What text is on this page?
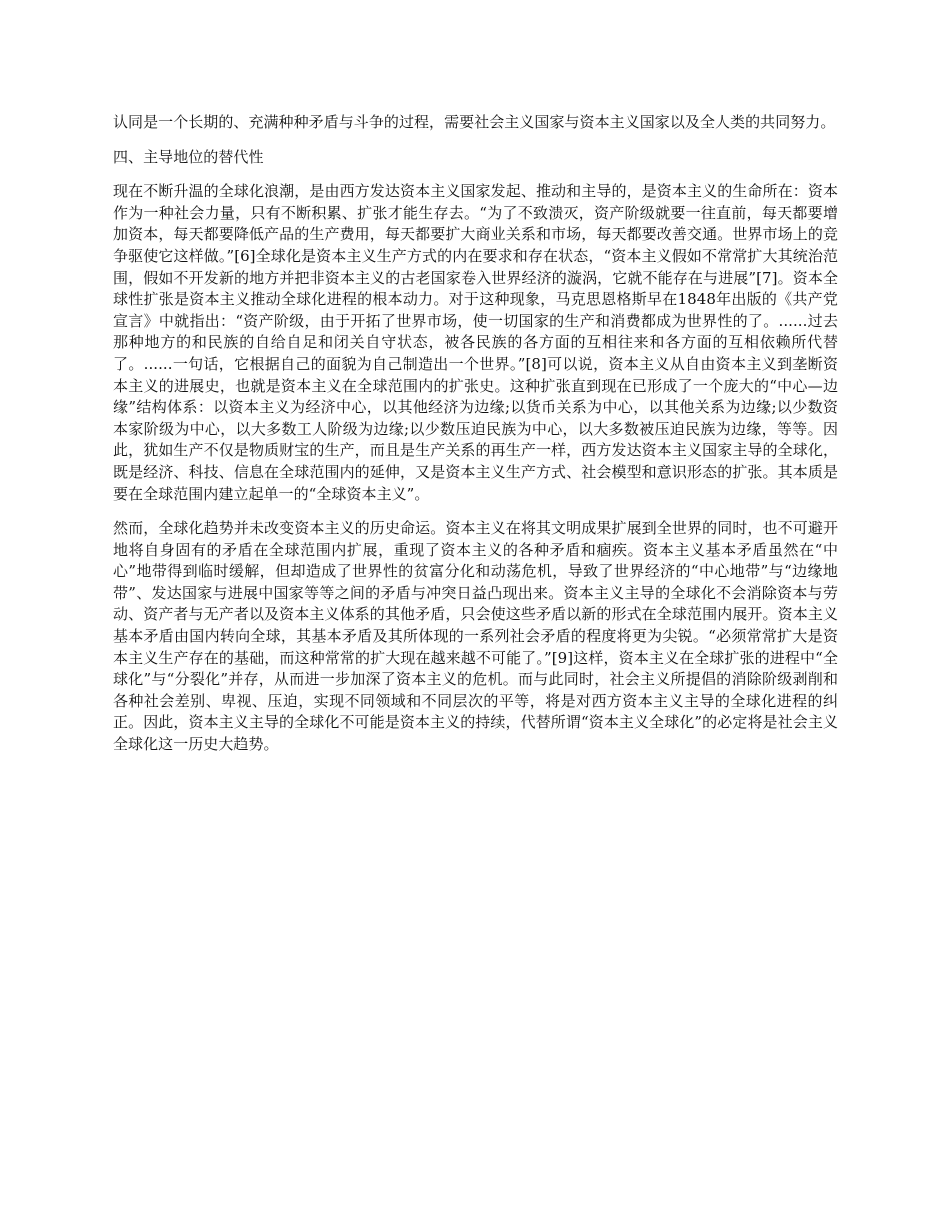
认同是一个长期的、充满种种矛盾与斗争的过程，需要社会主义国家与资本主义国家以及全人类的共同努力。

四、主导地位的替代性

现在不断升温的全球化浪潮，是由西方发达资本主义国家发起、推动和主导的，是资本主义的生命所在：资本作为一种社会力量，只有不断积累、扩张才能生存去。“为了不致溃灭，资产阶级就要一往直前，每天都要增加资本，每天都要降低产品的生产费用，每天都要扩大商业关系和市场，每天都要改善交通。世界市场上的竞争驱使它这样做。”[6]全球化是资本主义生产方式的内在要求和存在状态，“资本主义假如不常常扩大其统治范围，假如不开发新的地方并把非资本主义的古老国家卷入世界经济的漩涡，它就不能存在与进展”[7]。资本全球性扩张是资本主义推动全球化进程的根本动力。对于这种现象，马克思恩格斯早在1848年出版的《共产党宣言》中就指出：“资产阶级，由于开拓了世界市场，使一切国家的生产和消费都成为世界性的了。......过去那种地方的和民族的自给自足和闭关自守状态，被各民族的各方面的互相往来和各方面的互相依赖所代替了。......一句话，它根据自己的面貌为自己制造出一个世界。”[8]可以说，资本主义从自由资本主义到垄断资本主义的进展史，也就是资本主义在全球范围内的扩张史。这种扩张直到现在已形成了一个庞大的“中心—边缘”结构体系：以资本主义为经济中心，以其他经济为边缘;以货币关系为中心，以其他关系为边缘;以少数资本家阶级为中心，以大多数工人阶级为边缘;以少数压迫民族为中心，以大多数被压迫民族为边缘，等等。因此，犹如生产不仅是物质财宝的生产，而且是生产关系的再生产一样，西方发达资本主义国家主导的全球化，既是经济、科技、信息在全球范围内的延伸，又是资本主义生产方式、社会模型和意识形态的扩张。其本质是要在全球范围内建立起单一的“全球资本主义”。

然而，全球化趋势并未改变资本主义的历史命运。资本主义在将其文明成果扩展到全世界的同时，也不可避开地将自身固有的矛盾在全球范围内扩展，重现了资本主义的各种矛盾和痼疾。资本主义基本矛盾虽然在“中心”地带得到临时缓解，但却造成了世界性的贫富分化和动荡危机，导致了世界经济的“中心地带”与“边缘地带”、发达国家与进展中国家等等之间的矛盾与冲突日益凸现出来。资本主义主导的全球化不会消除资本与劳动、资产者与无产者以及资本主义体系的其他矛盾，只会使这些矛盾以新的形式在全球范围内展开。资本主义基本矛盾由国内转向全球，其基本矛盾及其所体现的一系列社会矛盾的程度将更为尖锐。“必须常常扩大是资本主义生产存在的基础，而这种常常的扩大现在越来越不可能了。”[9]这样，资本主义在全球扩张的进程中“全球化”与“分裂化”并存，从而进一步加深了资本主义的危机。而与此同时，社会主义所提倡的消除阶级剥削和各种社会差别、卑视、压迫，实现不同领域和不同层次的平等，将是对西方资本主义主导的全球化进程的纠正。因此，资本主义主导的全球化不可能是资本主义的持续，代替所谓“资本主义全球化”的必定将是社会主义全球化这一历史大趋势。
